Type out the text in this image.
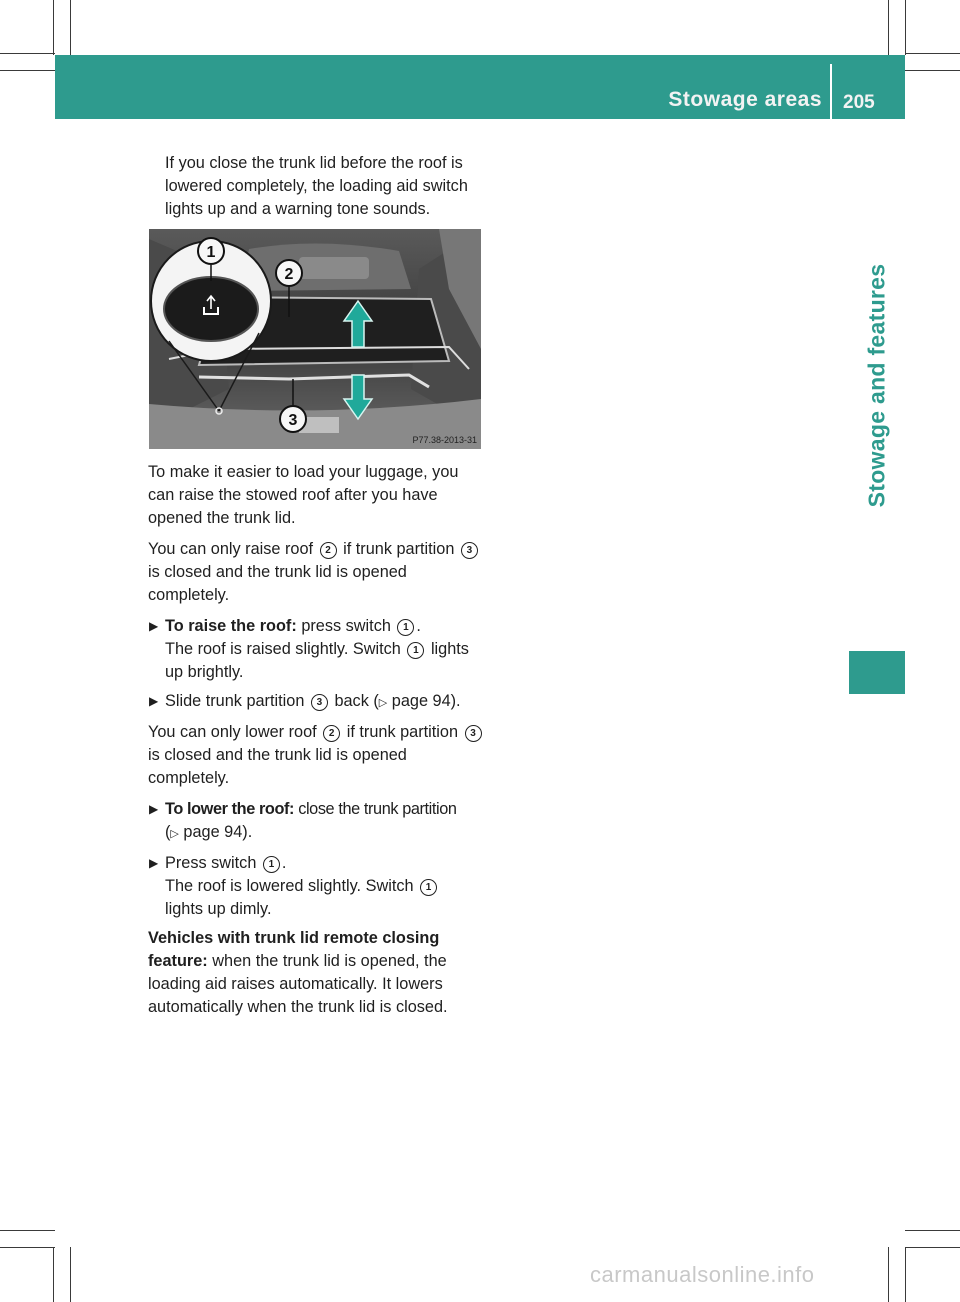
Stowage areas 205
Stowage and features

If you close the trunk lid before the roof is lowered completely, the loading aid switch lights up and a warning tone sounds.

1
2
3
P77.38-2013-31

To make it easier to load your luggage, you can raise the stowed roof after you have opened the trunk lid.

You can only raise roof 2 if trunk partition 3 is closed and the trunk lid is opened completely.

▶ To raise the roof: press switch 1 .
The roof is raised slightly. Switch 1 lights up brightly.
▶ Slide trunk partition 3 back (▷ page 94).

You can only lower roof 2 if trunk partition 3 is closed and the trunk lid is opened completely.

▶ To lower the roof: close the trunk partition
(▷ page 94).
▶ Press switch 1 .
The roof is lowered slightly. Switch 1
lights up dimly.

Vehicles with trunk lid remote closing feature: when the trunk lid is opened, the loading aid raises automatically. It lowers automatically when the trunk lid is closed.

carmanualsonline.info
